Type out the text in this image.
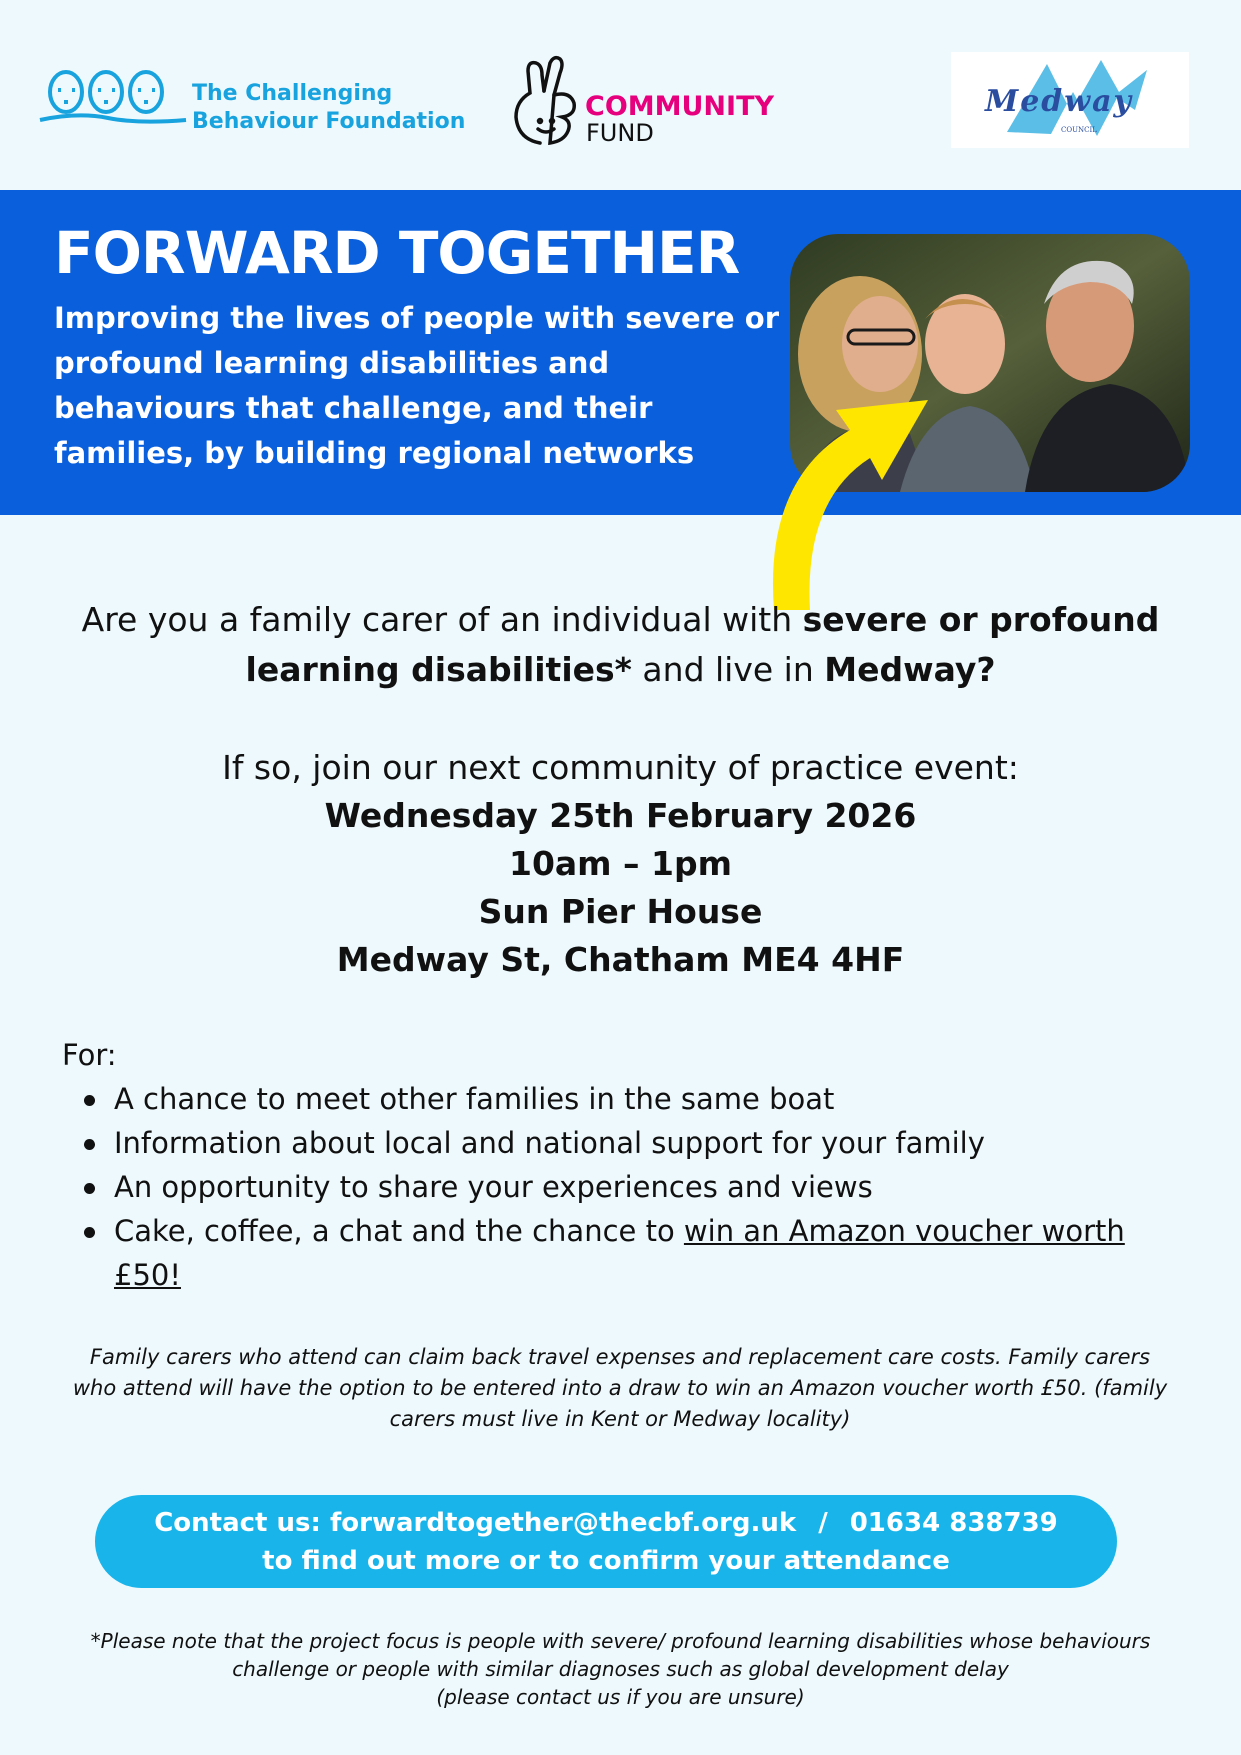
The Challenging
Behaviour Foundation	COMMUNITY
FUND
Medway
COUNCIL
FORWARD TOGETHER
Improving the lives of people with severe or
profound learning disabilities and
behaviours that challenge, and their
families, by building regional networks
Are you a family carer of an individual with severe or profound learning disabilities* and live in Medway?
If so, join our next community of practice event:
Wednesday 25th February 2026
10am – 1pm
Sun Pier House
Medway St, Chatham ME4 4HF
For:
A chance to meet other families in the same boat
Information about local and national support for your family
An opportunity to share your experiences and views
Cake, coffee, a chat and the chance to win an Amazon voucher worth £50!
Family carers who attend can claim back travel expenses and replacement care costs. Family carers who attend will have the option to be entered into a draw to win an Amazon voucher worth £50. (family carers must live in Kent or Medway locality)
Contact us: forwardtogether@thecbf.org.uk / 01634 838739
to find out more or to confirm your attendance
*Please note that the project focus is people with severe/ profound learning disabilities whose behaviours
challenge or people with similar diagnoses such as global development delay
(please contact us if you are unsure)
